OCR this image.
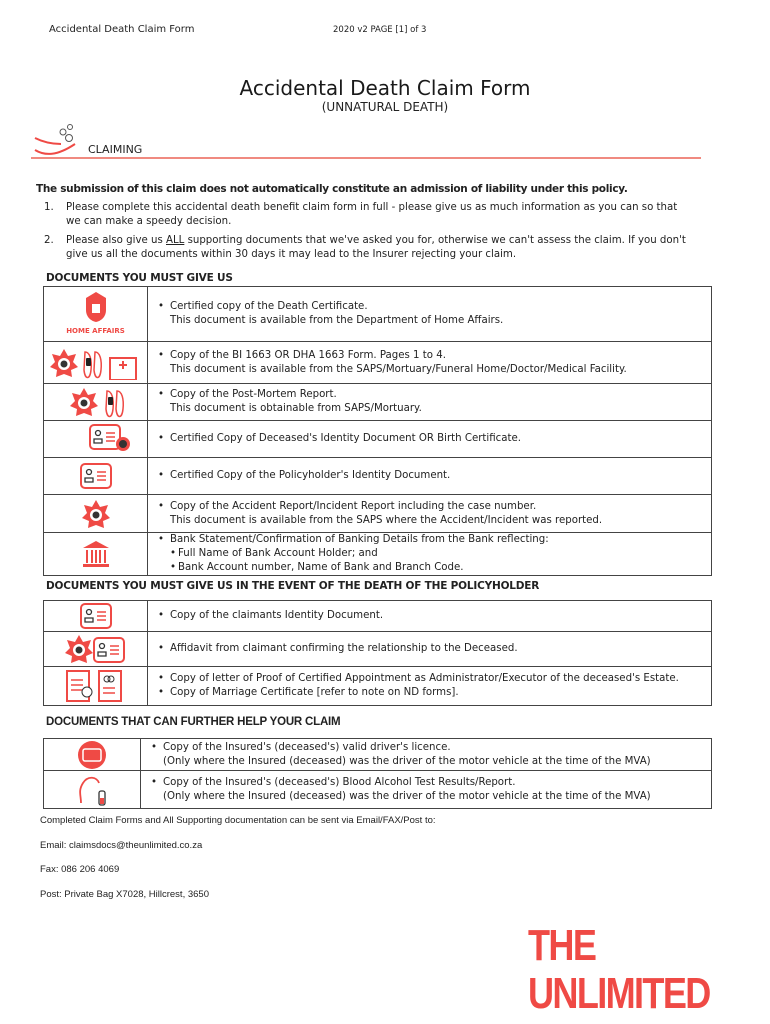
Accidental Death Claim Form	2020 v2 PAGE [1] of 3
Accidental Death Claim Form
(UNNATURAL DEATH)
CLAIMING
The submission of this claim does not automatically constitute an admission of liability under this policy.
1.	Please complete this accidental death benefit claim form in full - please give us as much information as you can so that we can make a speedy decision.
2.	Please also give us ALL supporting documents that we've asked you for, otherwise we can't assess the claim. If you don't give us all the documents within 30 days it may lead to the Insurer rejecting your claim.
DOCUMENTS YOU MUST GIVE US
HOME AFFAIRS	• Certified copy of the Death Certificate.
This document is available from the Department of Home Affairs.

• Copy of the BI 1663 OR DHA 1663 Form. Pages 1 to 4.
This document is available from the SAPS/Mortuary/Funeral Home/Doctor/Medical Facility.

• Copy of the Post-Mortem Report.
This document is obtainable from SAPS/Mortuary.

• Certified Copy of Deceased's Identity Document OR Birth Certificate.

• Certified Copy of the Policyholder's Identity Document.

• Copy of the Accident Report/Incident Report including the case number.
This document is available from the SAPS where the Accident/Incident was reported.

• Bank Statement/Confirmation of Banking Details from the Bank reflecting:
• Full Name of Bank Account Holder; and
• Bank Account number, Name of Bank and Branch Code.
DOCUMENTS YOU MUST GIVE US IN THE EVENT OF THE DEATH OF THE POLICYHOLDER

• Copy of the claimants Identity Document.

• Affidavit from claimant confirming the relationship to the Deceased.

• Copy of letter of Proof of Certified Appointment as Administrator/Executor of the deceased's Estate.
• Copy of Marriage Certificate [refer to note on ND forms].
DOCUMENTS THAT CAN FURTHER HELP YOUR CLAIM

• Copy of the Insured's (deceased's) valid driver's licence.
(Only where the Insured (deceased) was the driver of the motor vehicle at the time of the MVA)

• Copy of the Insured's (deceased's) Blood Alcohol Test Results/Report.
(Only where the Insured (deceased) was the driver of the motor vehicle at the time of the MVA)
Completed Claim Forms and All Supporting documentation can be sent via Email/FAX/Post to:
Email: claimsdocs@theunlimited.co.za
Fax: 086 206 4069
Post: Private Bag X7028, Hillcrest, 3650
THE UNLIMITED
